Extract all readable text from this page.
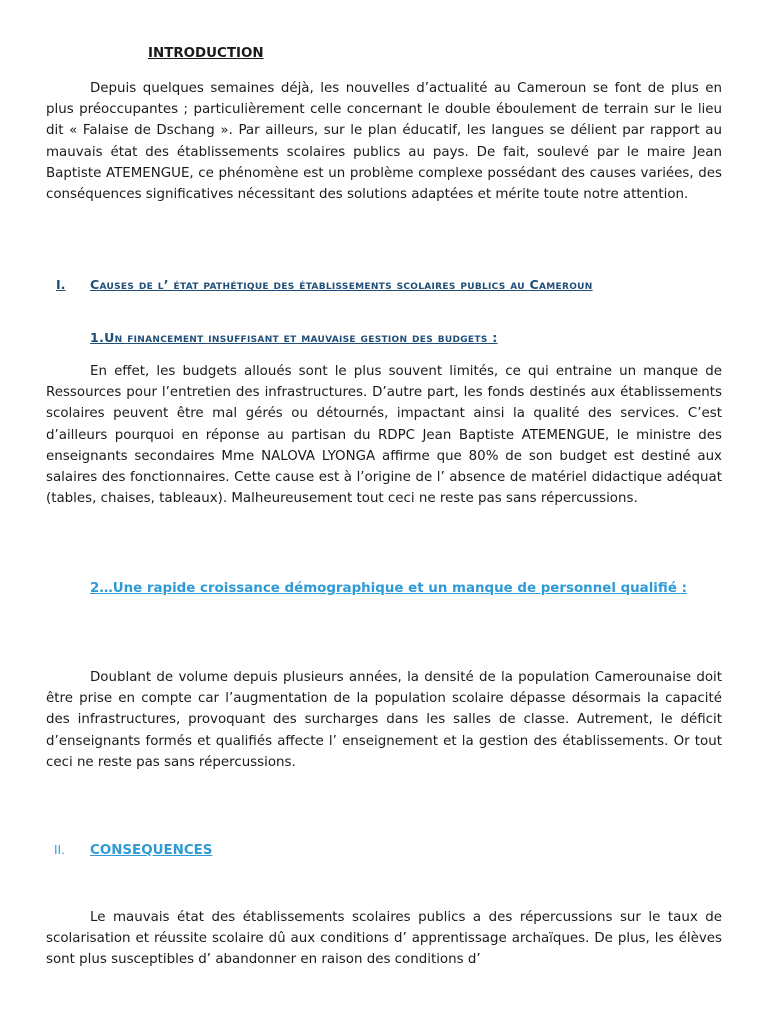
INTRODUCTION

Depuis quelques semaines déjà, les nouvelles d’actualité au Cameroun se font de plus en plus préoccupantes ; particulièrement celle concernant le double éboulement de terrain sur le lieu dit « Falaise de Dschang ». Par ailleurs, sur le plan éducatif, les langues se délient par rapport au mauvais état des établissements scolaires publics au pays. De fait, soulevé par le maire Jean Baptiste ATEMENGUE, ce phénomène est un problème complexe possédant des causes variées, des conséquences significatives nécessitant des solutions adaptées et mérite toute notre attention.

I.	Causes de l’ état pathétique des établissements scolaires publics au Cameroun

1.Un financement insuffisant et mauvaise gestion des budgets :

En effet, les budgets alloués sont le plus souvent limités, ce qui entraine un manque de Ressources pour l’entretien des infrastructures. D’autre part, les fonds destinés aux établissements scolaires peuvent être mal gérés ou détournés, impactant ainsi la qualité des services. C’est d’ailleurs pourquoi en réponse au partisan du RDPC Jean Baptiste ATEMENGUE, le ministre des enseignants secondaires Mme NALOVA LYONGA affirme que 80% de son budget est destiné aux salaires des fonctionnaires. Cette cause est à l’origine de l’ absence de matériel didactique adéquat (tables, chaises, tableaux). Malheureusement tout ceci ne reste pas sans répercussions.

2…Une rapide croissance démographique et un manque de personnel qualifié :

Doublant de volume depuis plusieurs années, la densité de la population Camerounaise doit être prise en compte car l’augmentation de la population scolaire dépasse désormais la capacité des infrastructures, provoquant des surcharges dans les salles de classe. Autrement, le déficit d’enseignants formés et qualifiés affecte l’ enseignement et la gestion des établissements. Or tout ceci ne reste pas sans répercussions.

II.	CONSEQUENCES

Le mauvais état des établissements scolaires publics a des répercussions sur le taux de scolarisation et réussite scolaire dû aux conditions d’ apprentissage archaïques. De plus, les élèves sont plus susceptibles d’ abandonner en raison des conditions d’
